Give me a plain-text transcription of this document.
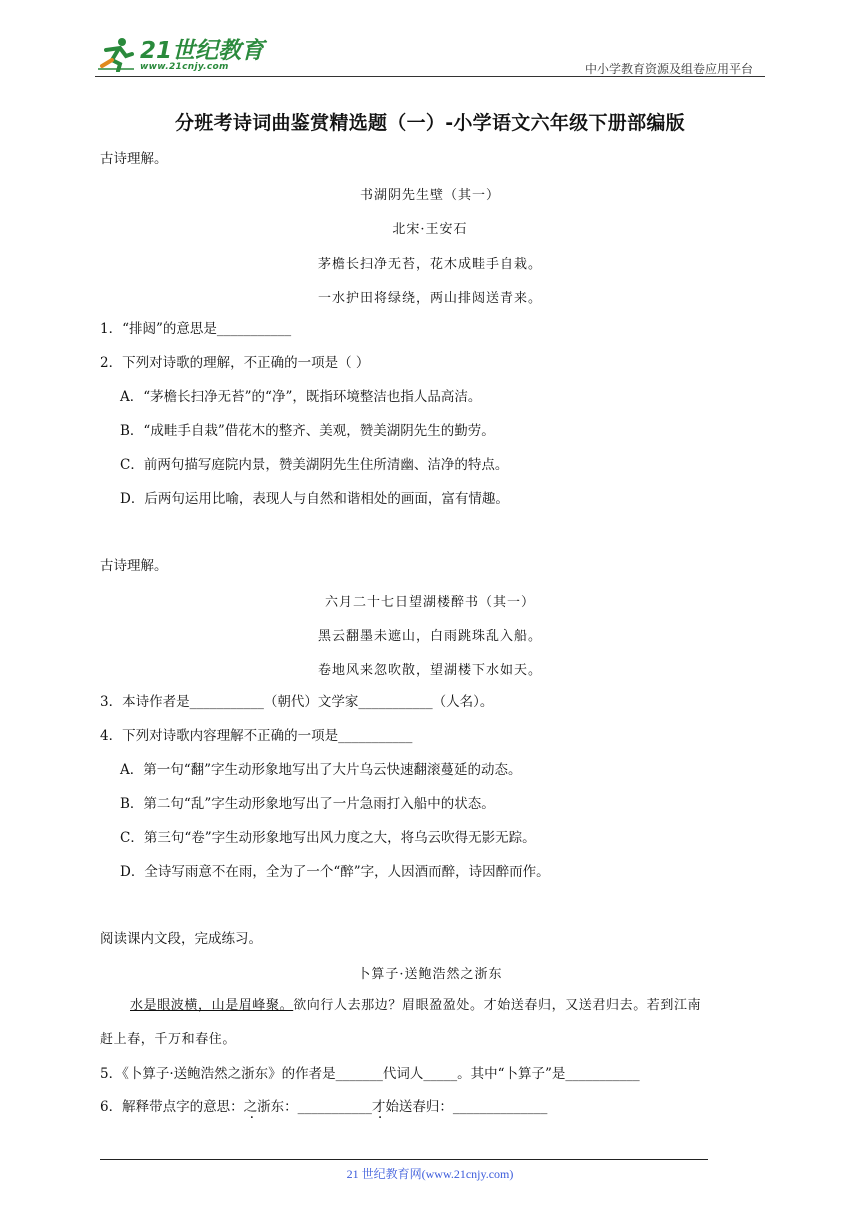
21世纪教育
www.21cnjy.com	中小学教育资源及组卷应用平台
分班考诗词曲鉴赏精选题（一）-小学语文六年级下册部编版
古诗理解。
书湖阴先生壁（其一）
北宋·王安石
茅檐长扫净无苔，花木成畦手自栽。
一水护田将绿绕，两山排闼送青来。
1．“排闼”的意思是___________
2．下列对诗歌的理解，不正确的一项是（ ）
A．“茅檐长扫净无苔”的“净”，既指环境整洁也指人品高洁。
B．“成畦手自栽”借花木的整齐、美观，赞美湖阴先生的勤劳。
C．前两句描写庭院内景，赞美湖阴先生住所清幽、洁净的特点。
D．后两句运用比喻，表现人与自然和谐相处的画面，富有情趣。
古诗理解。
六月二十七日望湖楼醉书（其一）
黑云翻墨未遮山，白雨跳珠乱入船。
卷地风来忽吹散，望湖楼下水如天。
3．本诗作者是___________（朝代）文学家___________（人名）。
4．下列对诗歌内容理解不正确的一项是___________
A．第一句“翻”字生动形象地写出了大片乌云快速翻滚蔓延的动态。
B．第二句“乱”字生动形象地写出了一片急雨打入船中的状态。
C．第三句“卷”字生动形象地写出风力度之大，将乌云吹得无影无踪。
D．全诗写雨意不在雨，全为了一个“醉”字，人因酒而醉，诗因醉而作。
阅读课内文段，完成练习。
卜算子·送鲍浩然之浙东
水是眼波横，山是眉峰聚。欲向行人去那边？眉眼盈盈处。才始送春归，又送君归去。若到江南
赶上春，千万和春住。
5．《卜算子·送鲍浩然之浙东》的作者是_______代词人_____。其中“卜算子”是___________
6．解释带点字的意思：之浙东：___________才始送春归：______________
21 世纪教育网(www.21cnjy.com)
